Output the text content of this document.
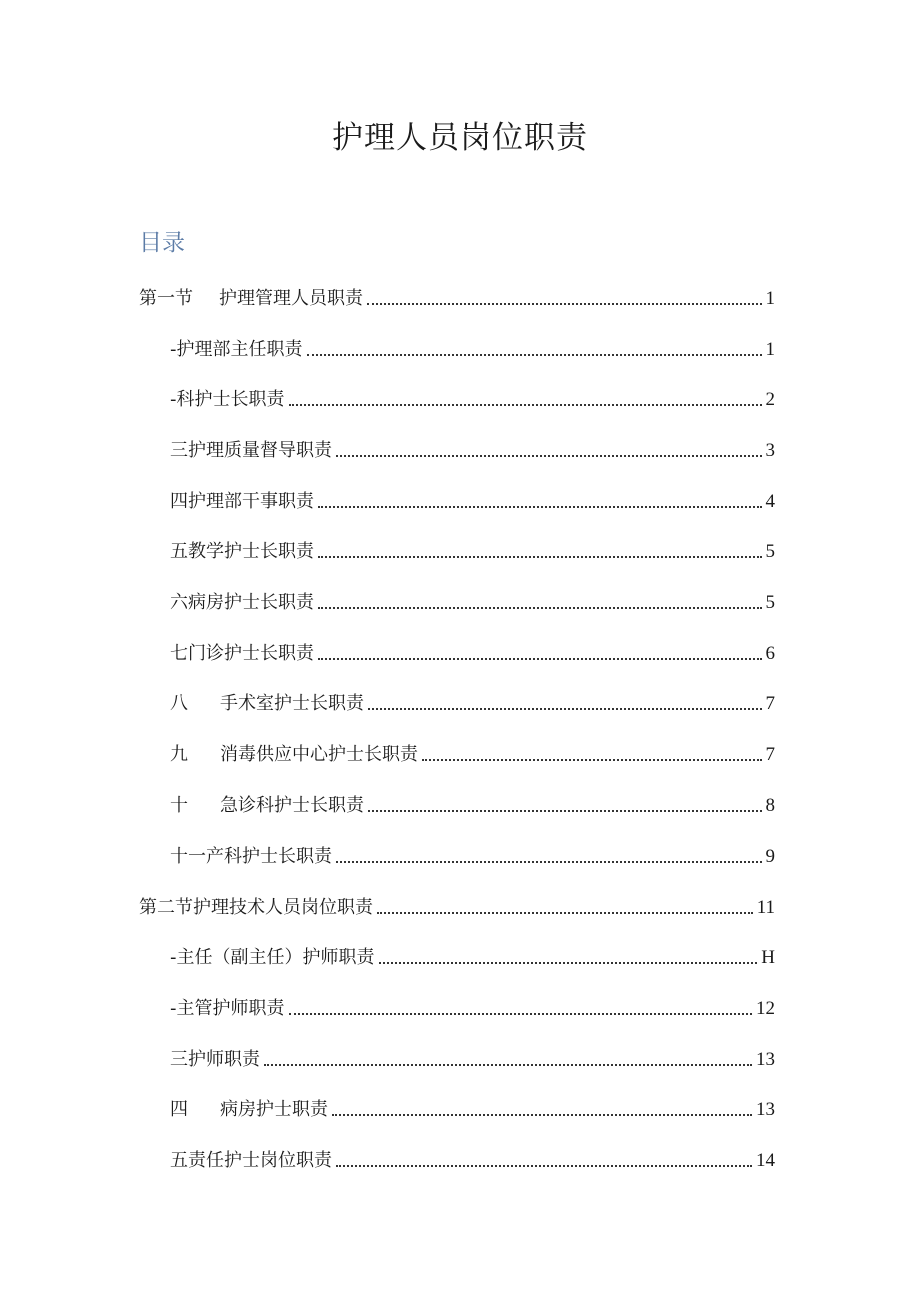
护理人员岗位职责
目录
第一节	护理管理人员职责	1
-护理部主任职责	1
-科护士长职责	2
三护理质量督导职责	3
四护理部干事职责	4
五教学护士长职责	5
六病房护士长职责	5
七门诊护士长职责	6
八	手术室护士长职责	7
九	消毒供应中心护士长职责	7
十	急诊科护士长职责	8
十一产科护士长职责	9
第二节护理技术人员岗位职责	11
-主任（副主任）护师职责	H
-主管护师职责	12
三护师职责	13
四	病房护士职责	13
五责任护士岗位职责	14
